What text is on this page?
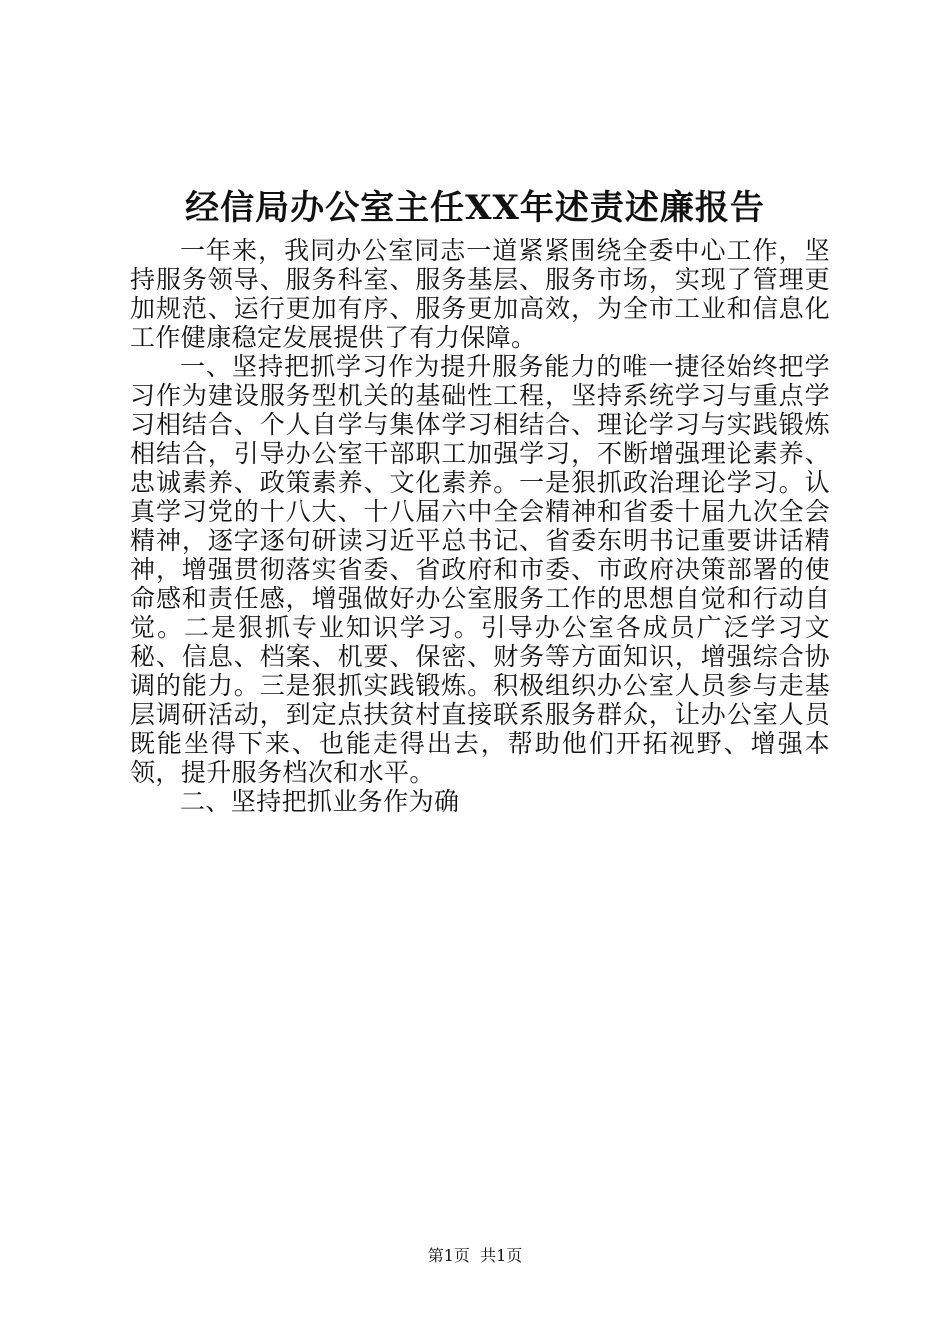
经信局办公室主任XX年述责述廉报告

一年来，我同办公室同志一道紧紧围绕全委中心工作，坚持服务领导、服务科室、服务基层、服务市场，实现了管理更加规范、运行更加有序、服务更加高效，为全市工业和信息化工作健康稳定发展提供了有力保障。

一、坚持把抓学习作为提升服务能力的唯一捷径始终把学习作为建设服务型机关的基础性工程，坚持系统学习与重点学习相结合、个人自学与集体学习相结合、理论学习与实践锻炼相结合，引导办公室干部职工加强学习，不断增强理论素养、忠诚素养、政策素养、文化素养。一是狠抓政治理论学习。认真学习党的十八大、十八届六中全会精神和省委十届九次全会精神，逐字逐句研读习近平总书记、省委东明书记重要讲话精神，增强贯彻落实省委、省政府和市委、市政府决策部署的使命感和责任感，增强做好办公室服务工作的思想自觉和行动自觉。二是狠抓专业知识学习。引导办公室各成员广泛学习文秘、信息、档案、机要、保密、财务等方面知识，增强综合协调的能力。三是狠抓实践锻炼。积极组织办公室人员参与走基层调研活动，到定点扶贫村直接联系服务群众，让办公室人员既能坐得下来、也能走得出去，帮助他们开拓视野、增强本领，提升服务档次和水平。

二、坚持把抓业务作为确

第1页  共1页
